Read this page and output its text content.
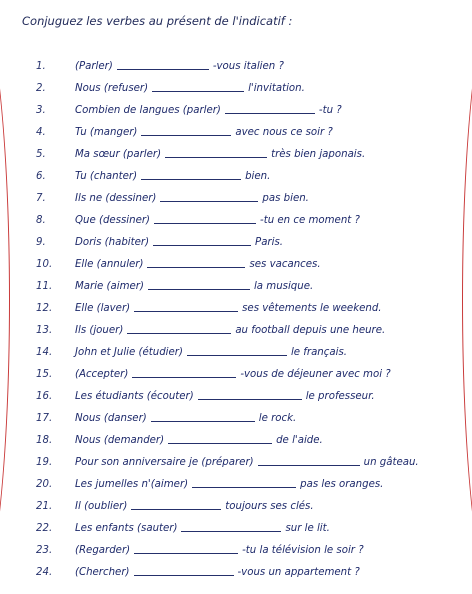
Conjuguez les verbes au présent de l'indicatif :
1.	(Parler)	-vous italien ?
2.	Nous (refuser)	l'invitation.
3.	Combien de langues (parler)	-tu ?
4.	Tu (manger)	avec nous ce soir ?
5.	Ma sœur (parler)	très bien japonais.
6.	Tu (chanter)	bien.
7.	Ils ne (dessiner)	pas bien.
8.	Que (dessiner)	-tu en ce moment ?
9.	Doris (habiter)	Paris.
10.	Elle (annuler)	ses vacances.
11.	Marie (aimer)	la musique.
12.	Elle (laver)	ses vêtements le weekend.
13.	Ils (jouer)	au football depuis une heure.
14.	John et Julie (étudier)	le français.
15.	(Accepter)	-vous de déjeuner avec moi ?
16.	Les étudiants (écouter)	le professeur.
17.	Nous (danser)	le rock.
18.	Nous (demander)	de l'aide.
19.	Pour son anniversaire je (préparer)	un gâteau.
20.	Les jumelles n'(aimer)	pas les oranges.
21.	Il (oublier)	toujours ses clés.
22.	Les enfants (sauter)	sur le lit.
23.	(Regarder)	-tu la télévision le soir ?
24.	(Chercher)	-vous un appartement ?
